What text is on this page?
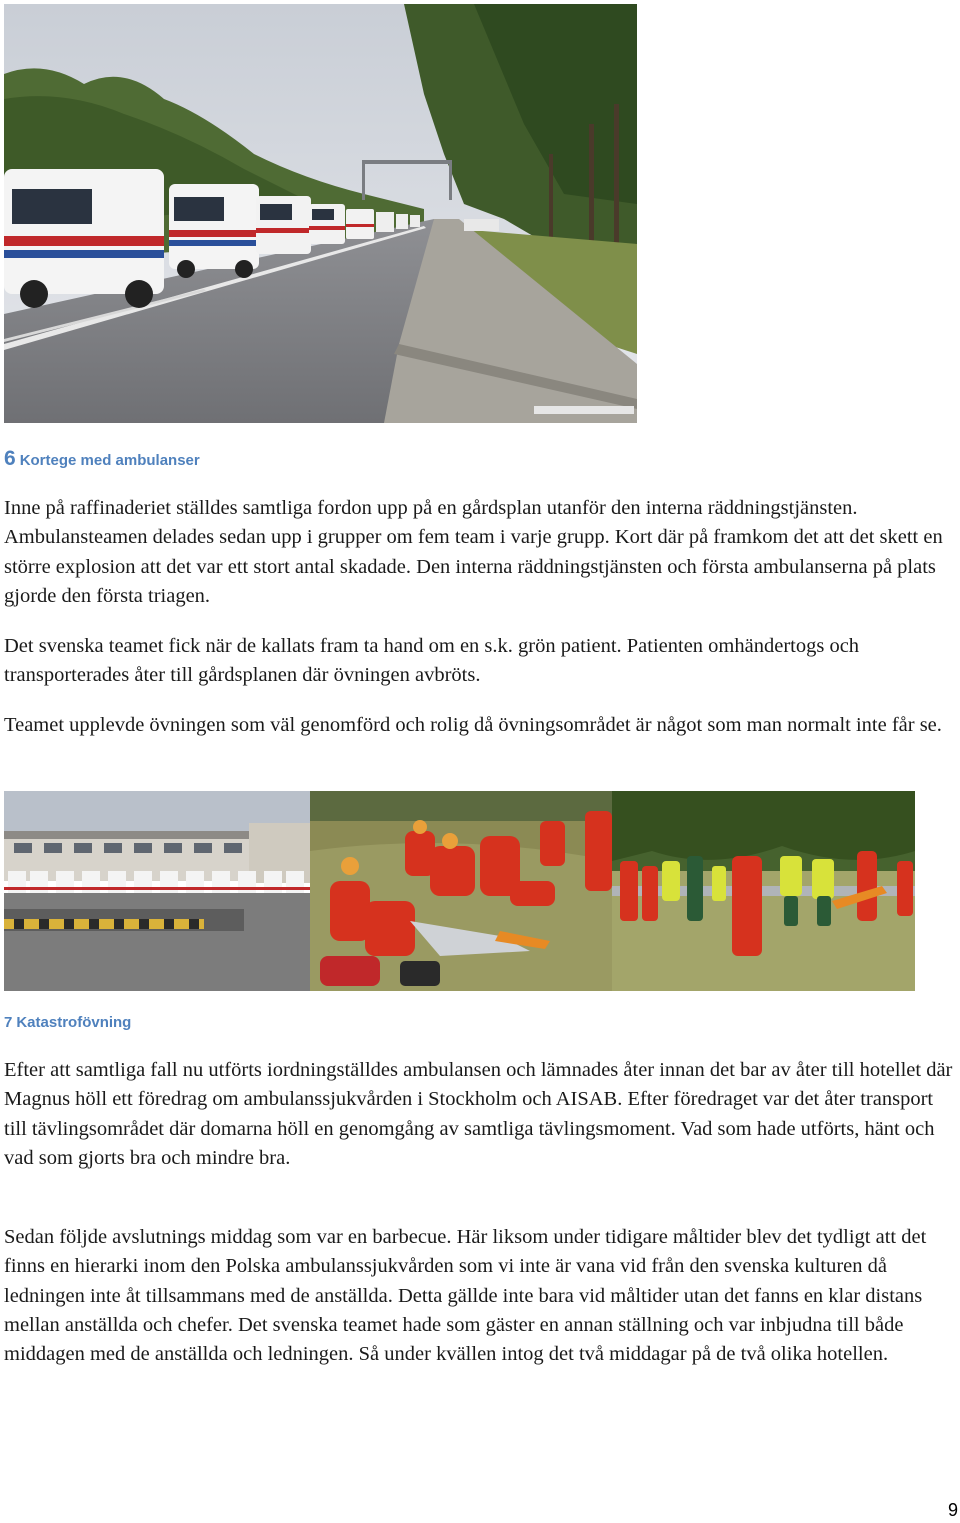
6 Kortege med ambulanser

Inne på raffinaderiet ställdes samtliga fordon upp på en gårdsplan utanför den interna räddningstjänsten. Ambulansteamen delades sedan upp i grupper om fem team i varje grupp. Kort där på framkom det att det skett en större explosion att det var ett stort antal skadade. Den interna räddningstjänsten och första ambulanserna på plats gjorde den första triagen.

Det svenska teamet fick när de kallats fram ta hand om en s.k. grön patient. Patienten omhändertogs och transporterades åter till gårdsplanen där övningen avbröts.

Teamet upplevde övningen som väl genomförd och rolig då övningsområdet är något som man normalt inte får se.

7 Katastrofövning

Efter att samtliga fall nu utförts iordningställdes ambulansen och lämnades åter innan det bar av åter till hotellet där Magnus höll ett föredrag om ambulanssjukvården i Stockholm och AISAB. Efter föredraget var det åter transport till tävlingsområdet där domarna höll en genomgång av samtliga tävlingsmoment. Vad som hade utförts, hänt och vad som gjorts bra och mindre bra.

Sedan följde avslutnings middag som var en barbecue. Här liksom under tidigare måltider blev det tydligt att det finns en hierarki inom den Polska ambulanssjukvården som vi inte är vana vid från den svenska kulturen då ledningen inte åt tillsammans med de anställda. Detta gällde inte bara vid måltider utan det fanns en klar distans mellan anställda och chefer. Det svenska teamet hade som gäster en annan ställning och var inbjudna till både middagen med de anställda och ledningen. Så under kvällen intog det två middagar på de två olika hotellen.

9
